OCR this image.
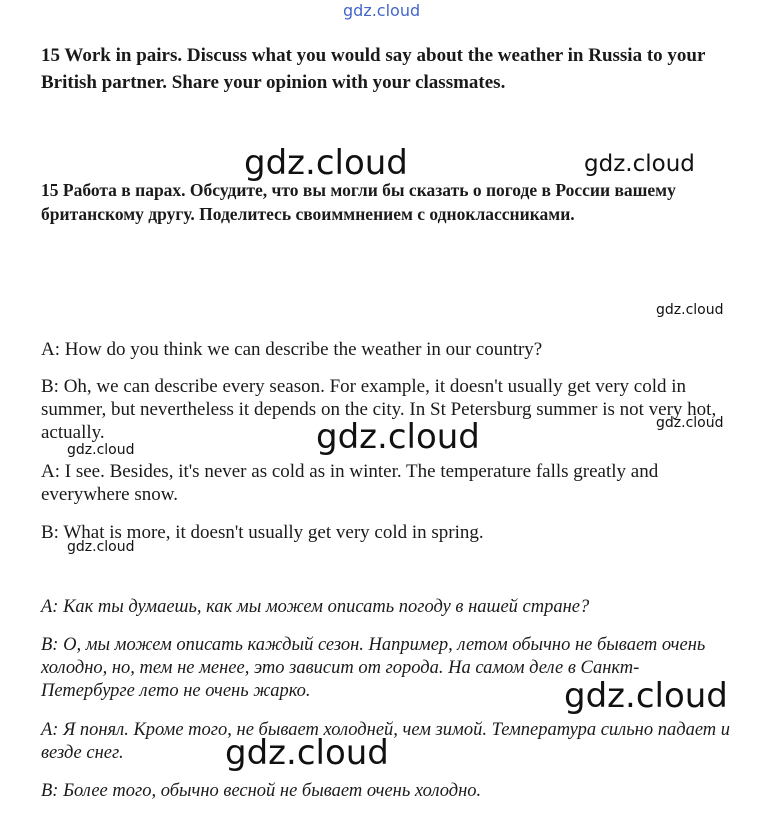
gdz.cloud
gdz.cloud	gdz.cloud
gdz.cloud
gdz.cloud
gdz.cloud
gdz.cloud
gdz.cloud
gdz.cloud
gdz.cloud
15 Work in pairs. Discuss what you would say about the weather in Russia to your British partner. Share your opinion with your classmates.
15 Работа в парах. Обсудите, что вы могли бы сказать о погоде в России вашему британскому другу. Поделитесь своиммнением с одноклассниками.
A: How do you think we can describe the weather in our country?
B: Oh, we can describe every season. For example, it doesn't usually get very cold in summer, but nevertheless it depends on the city. In St Petersburg summer is not very hot, actually.
A: I see. Besides, it's never as cold as in winter. The temperature falls greatly and everywhere snow.
B: What is more, it doesn't usually get very cold in spring.
А: Как ты думаешь, как мы можем описать погоду в нашей стране?
В: О, мы можем описать каждый сезон. Например, летом обычно не бывает очень холодно, но, тем не менее, это зависит от города. На самом деле в Санкт-Петербурге лето не очень жарко.
А: Я понял. Кроме того, не бывает холодней, чем зимой. Температура сильно падает и везде снег.
В: Более того, обычно весной не бывает очень холодно.
